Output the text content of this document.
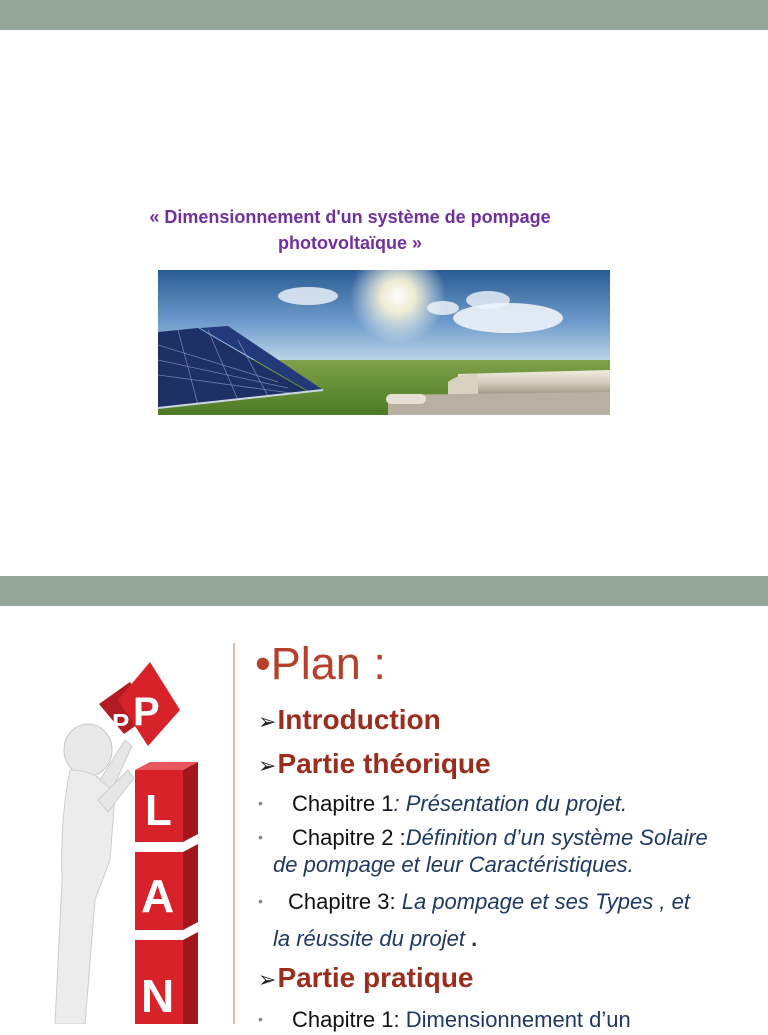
« Dimensionnement d'un système de pompage
photovoltaïque »
P P
L
A
N
•Plan :
➢Introduction
➢Partie théorique
• Chapitre 1: Présentation du projet.
• Chapitre 2 :Définition d’un système Solaire
de pompage et leur Caractéristiques.
• Chapitre 3: La pompage et ses Types , et
la réussite du projet .
➢Partie pratique
• Chapitre 1: Dimensionnement d’un
